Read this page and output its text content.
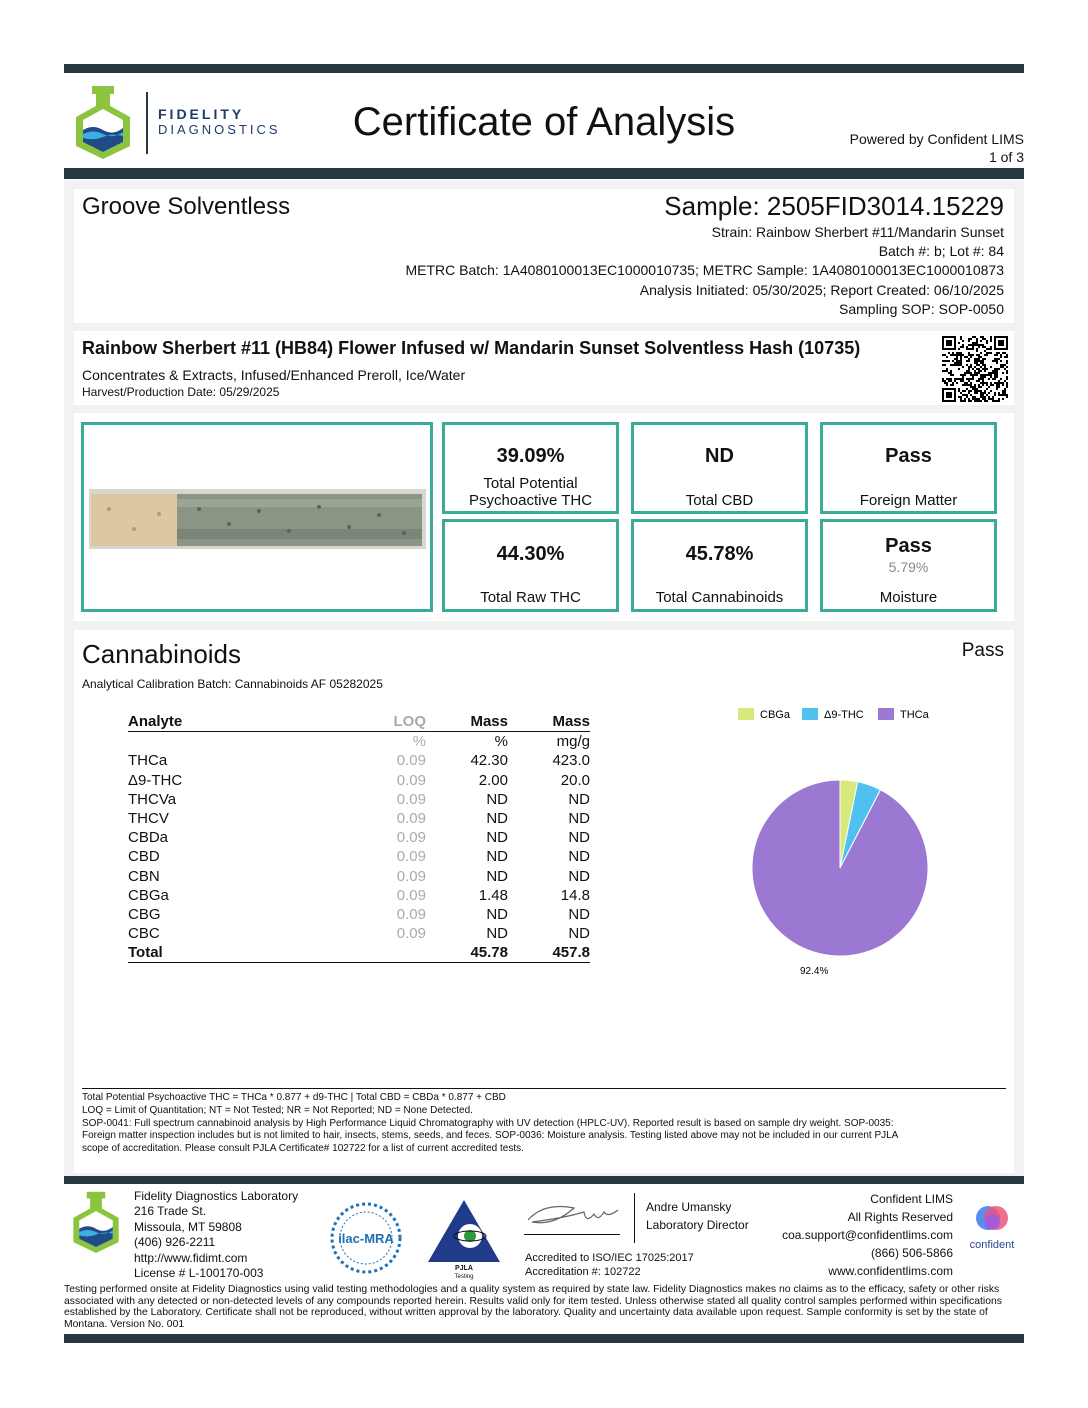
FIDELITY
DIAGNOSTICS	Certificate of Analysis	Powered by Confident LIMS
1 of 3
Groove Solventless	Sample: 2505FID3014.15229
Strain: Rainbow Sherbert #11/Mandarin Sunset
Batch #: b; Lot #: 84
METRC Batch: 1A4080100013EC1000010735; METRC Sample: 1A4080100013EC1000010873
Analysis Initiated: 05/30/2025; Report Created: 06/10/2025
Sampling SOP: SOP-0050
Rainbow Sherbert #11 (HB84) Flower Infused w/ Mandarin Sunset Solventless Hash (10735)
Concentrates & Extracts, Infused/Enhanced Preroll, Ice/Water
Harvest/Production Date: 05/29/2025
39.09%
Total Potential Psychoactive THC
ND
Total CBD
Pass
Foreign Matter
44.30%
Total Raw THC
45.78%
Total Cannabinoids
Pass
5.79%
Moisture
Cannabinoids	Pass
Analytical Calibration Batch: Cannabinoids AF 05282025
Analyte	LOQ	Mass	Mass
	%	%	mg/g
THCa	0.09	42.30	423.0
Δ9-THC	0.09	2.00	20.0
THCVa	0.09	ND	ND
THCV	0.09	ND	ND
CBDa	0.09	ND	ND
CBD	0.09	ND	ND
CBN	0.09	ND	ND
CBGa	0.09	1.48	14.8
CBG	0.09	ND	ND
CBC	0.09	ND	ND
Total		45.78	457.8
CBGa	Δ9-THC	THCa
92.4%
Total Potential Psychoactive THC = THCa * 0.877 + d9-THC | Total CBD = CBDa * 0.877 + CBD
LOQ = Limit of Quantitation; NT = Not Tested; NR = Not Reported; ND = None Detected.
SOP-0041: Full spectrum cannabinoid analysis by High Performance Liquid Chromatography with UV detection (HPLC-UV). Reported result is based on sample dry weight. SOP-0035:
Foreign matter inspection includes but is not limited to hair, insects, stems, seeds, and feces. SOP-0036: Moisture analysis. Testing listed above may not be included in our current PJLA
scope of accreditation. Please consult PJLA Certificate# 102722 for a list of current accredited tests.
Fidelity Diagnostics Laboratory
216 Trade St.
Missoula, MT 59808
(406) 926-2211
http://www.fidimt.com
License # L-100170-003
ilac-MRA
PJLA
Testing
Andre Umansky
Laboratory Director
Accredited to ISO/IEC 17025:2017
Accreditation #: 102722
Confident LIMS
All Rights Reserved
coa.support@confidentlims.com
(866) 506-5866
www.confidentlims.com
confident
Testing performed onsite at Fidelity Diagnostics using valid testing methodologies and a quality system as required by state law. Fidelity Diagnostics makes no claims as to the efficacy, safety or other risks associated with any detected or non-detected levels of any compounds reported herein. Results valid only for item tested. Unless otherwise stated all quality control samples performed within specifications established by the Laboratory. Certificate shall not be reproduced, without written approval by the laboratory. Quality and uncertainty data available upon request. Sample conformity is set by the state of Montana. Version No. 001
